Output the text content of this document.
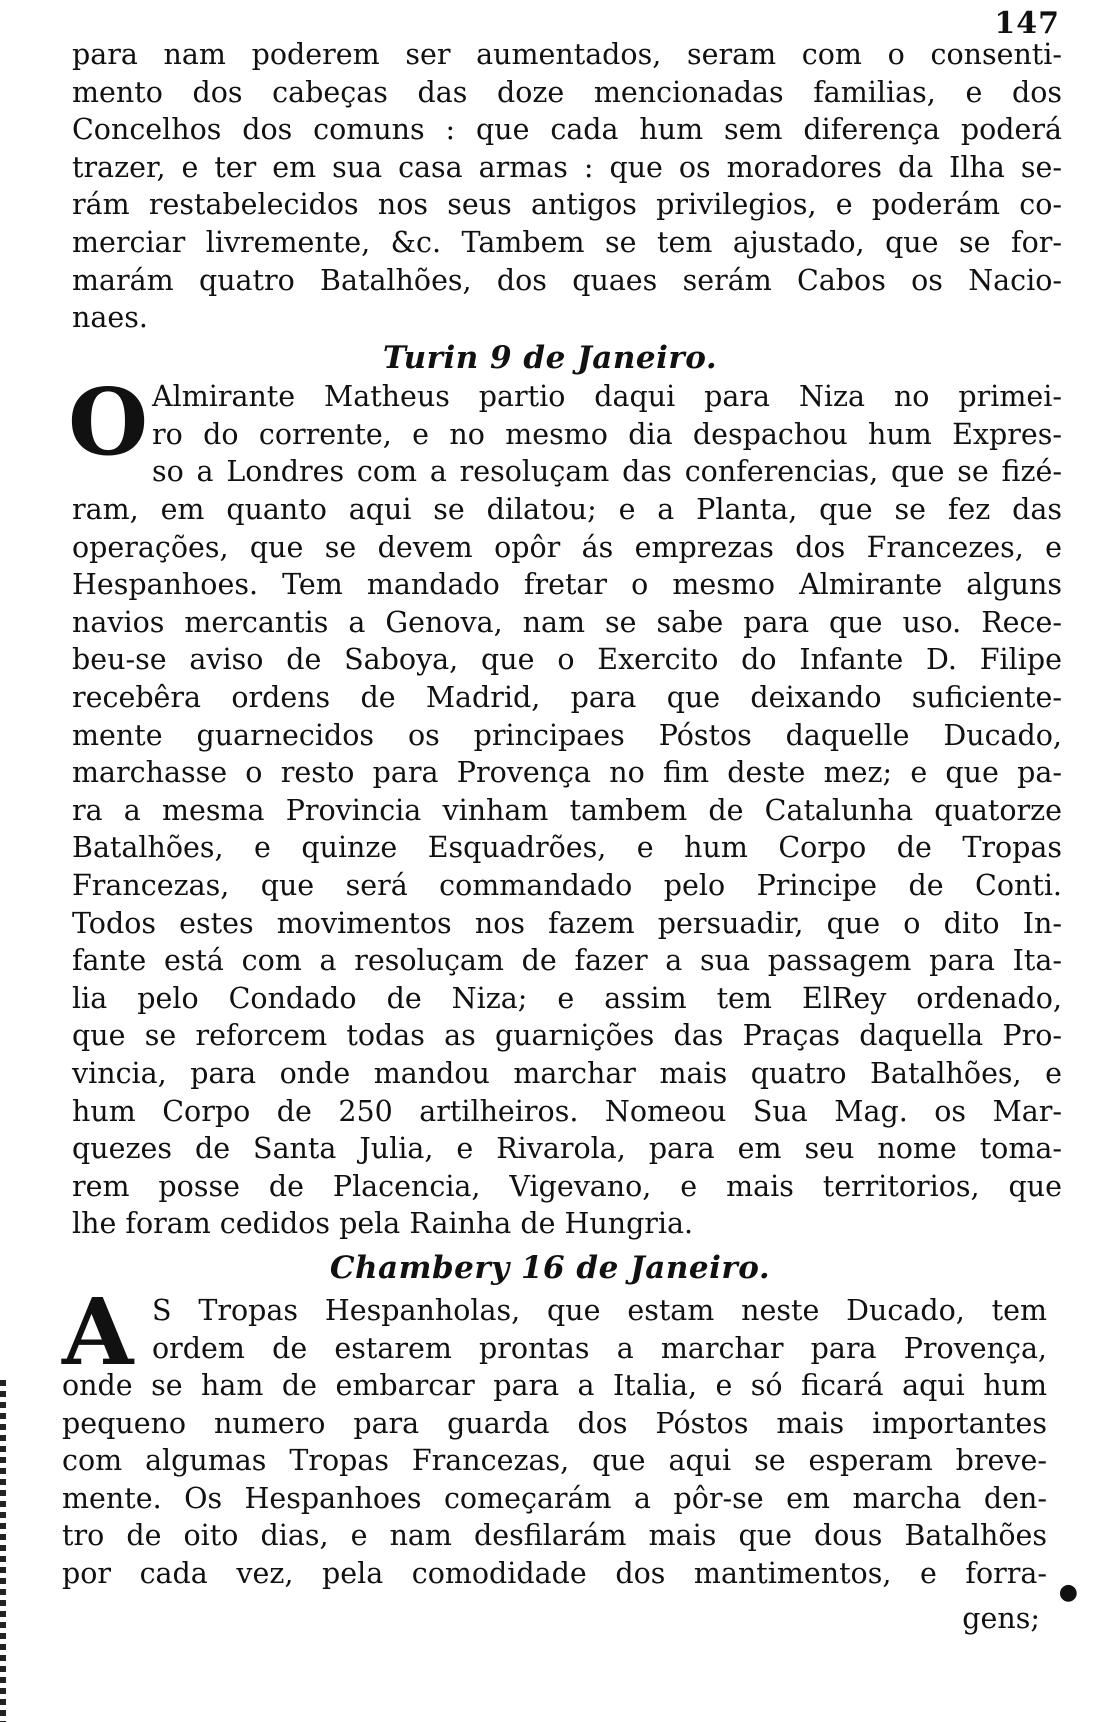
147
para nam poderem ser aumentados, seram com o consenti-
mento dos cabeças das doze mencionadas familias, e dos
Concelhos dos comuns : que cada hum sem diferença poderá
trazer, e ter em sua casa armas : que os moradores da Ilha se-
rám restabelecidos nos seus antigos privilegios, e poderám co-
merciar livremente, &c. Tambem se tem ajustado, que se for-
marám quatro Batalhões, dos quaes serám Cabos os Nacio-
naes.
Turin 9 de Janeiro.
O Almirante Matheus partio daqui para Niza no primei-
ro do corrente, e no mesmo dia despachou hum Expres-
so a Londres com a resoluçam das conferencias, que se fizé-
ram, em quanto aqui se dilatou; e a Planta, que se fez das
operações, que se devem opôr ás emprezas dos Francezes, e
Hespanhoes. Tem mandado fretar o mesmo Almirante alguns
navios mercantis a Genova, nam se sabe para que uso. Rece-
beu-se aviso de Saboya, que o Exercito do Infante D. Filipe
recebêra ordens de Madrid, para que deixando suficiente-
mente guarnecidos os principaes Póstos daquelle Ducado,
marchasse o resto para Provença no fim deste mez; e que pa-
ra a mesma Provincia vinham tambem de Catalunha quatorze
Batalhões, e quinze Esquadrões, e hum Corpo de Tropas
Francezas, que será commandado pelo Principe de Conti.
Todos estes movimentos nos fazem persuadir, que o dito In-
fante está com a resoluçam de fazer a sua passagem para Ita-
lia pelo Condado de Niza; e assim tem ElRey ordenado,
que se reforcem todas as guarnições das Praças daquella Pro-
vincia, para onde mandou marchar mais quatro Batalhões, e
hum Corpo de 250 artilheiros. Nomeou Sua Mag. os Mar-
quezes de Santa Julia, e Rivarola, para em seu nome toma-
rem posse de Placencia, Vigevano, e mais territorios, que
lhe foram cedidos pela Rainha de Hungria.
Chambery 16 de Janeiro.
A S Tropas Hespanholas, que estam neste Ducado, tem
ordem de estarem prontas a marchar para Provença,
onde se ham de embarcar para a Italia, e só ficará aqui hum
pequeno numero para guarda dos Póstos mais importantes
com algumas Tropas Francezas, que aqui se esperam breve-
mente. Os Hespanhoes começarám a pôr-se em marcha den-
tro de oito dias, e nam desfilarám mais que dous Batalhões
por cada vez, pela comodidade dos mantimentos, e forra-
gens;
●
